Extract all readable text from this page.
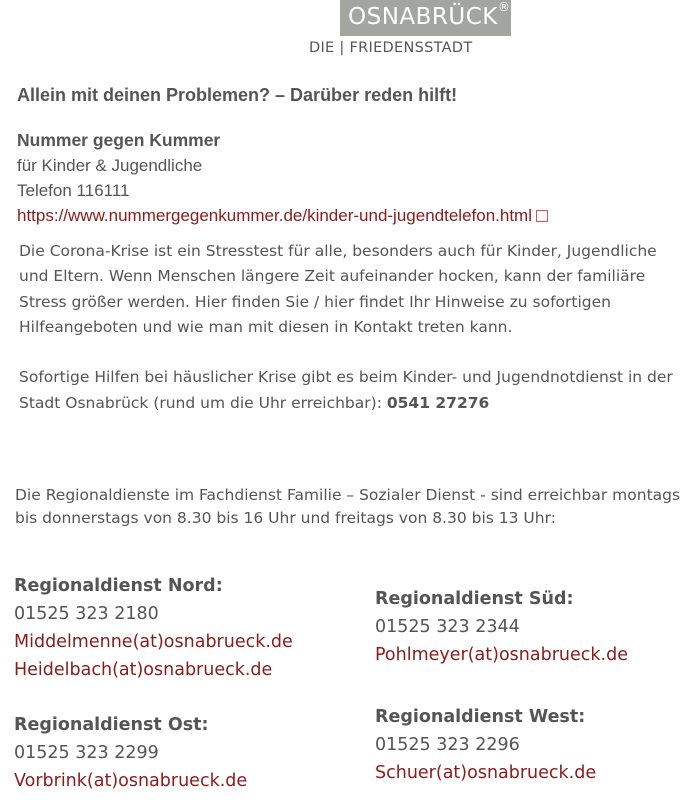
OSNABRÜCK®
DIE | FRIEDENSSTADT
Allein mit deinen Problemen? – Darüber reden hilft!
Nummer gegen Kummer
für Kinder & Jugendliche
Telefon 116111
https://www.nummergegenkummer.de/kinder-und-jugendtelefon.html
Die Corona-Krise ist ein Stresstest für alle, besonders auch für Kinder, Jugendliche und Eltern. Wenn Menschen längere Zeit aufeinander hocken, kann der familiäre Stress größer werden. Hier finden Sie / hier findet Ihr Hinweise zu sofortigen Hilfeangeboten und wie man mit diesen in Kontakt treten kann.

Sofortige Hilfen bei häuslicher Krise gibt es beim Kinder- und Jugendnotdienst in der Stadt Osnabrück (rund um die Uhr erreichbar): 0541 27276
Die Regionaldienste im Fachdienst Familie – Sozialer Dienst - sind erreichbar montags bis donnerstags von 8.30 bis 16 Uhr und freitags von 8.30 bis 13 Uhr:
Regionaldienst Nord:
01525 323 2180
Middelmenne(at)osnabrueck.de
Heidelbach(at)osnabrueck.de
Regionaldienst Süd:
01525 323 2344
Pohlmeyer(at)osnabrueck.de
Regionaldienst Ost:
01525 323 2299
Vorbrink(at)osnabrueck.de
Regionaldienst West:
01525 323 2296
Schuer(at)osnabrueck.de
